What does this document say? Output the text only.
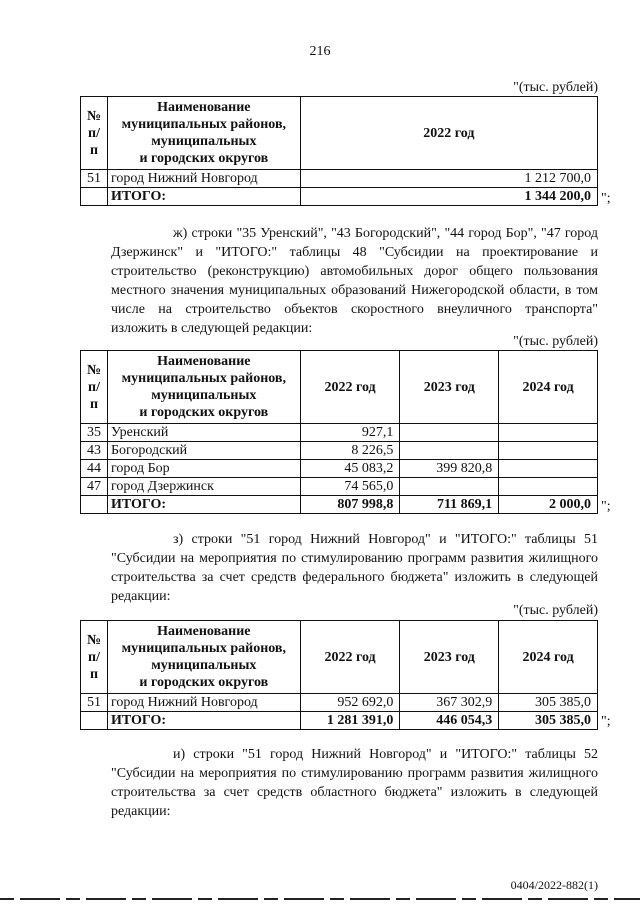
216
"(тыс. рублей)
№ п/п	Наименование
муниципальных районов,
муниципальных
и городских округов	2022 год
51	город Нижний Новгород	1 212 700,0
	ИТОГО:	1 344 200,0 ";
ж) строки "35 Уренский", "43 Богородский", "44 город Бор", "47 город Дзержинск" и "ИТОГО:" таблицы 48 "Субсидии на проектирование и строительство (реконструкцию) автомобильных дорог общего пользования местного значения муниципальных образований Нижегородской области, в том числе на строительство объектов скоростного внеуличного транспорта" изложить в следующей редакции:
"(тыс. рублей)
№ п/п	Наименование
муниципальных районов,
муниципальных
и городских округов	2022 год	2023 год	2024 год
35	Уренский	927,1		
43	Богородский	8 226,5		
44	город Бор	45 083,2	399 820,8	
47	город Дзержинск	74 565,0		
	ИТОГО:	807 998,8	711 869,1	2 000,0 ";
з) строки "51 город Нижний Новгород" и "ИТОГО:" таблицы 51 "Субсидии на мероприятия по стимулированию программ развития жилищного строительства за счет средств федерального бюджета" изложить в следующей редакции:
"(тыс. рублей)
№ п/п	Наименование
муниципальных районов,
муниципальных
и городских округов	2022 год	2023 год	2024 год
51	город Нижний Новгород	952 692,0	367 302,9	305 385,0
	ИТОГО:	1 281 391,0	446 054,3	305 385,0 ";
и) строки "51 город Нижний Новгород" и "ИТОГО:" таблицы 52 "Субсидии на мероприятия по стимулированию программ развития жилищного строительства за счет средств областного бюджета" изложить в следующей редакции:
0404/2022-882(1)
